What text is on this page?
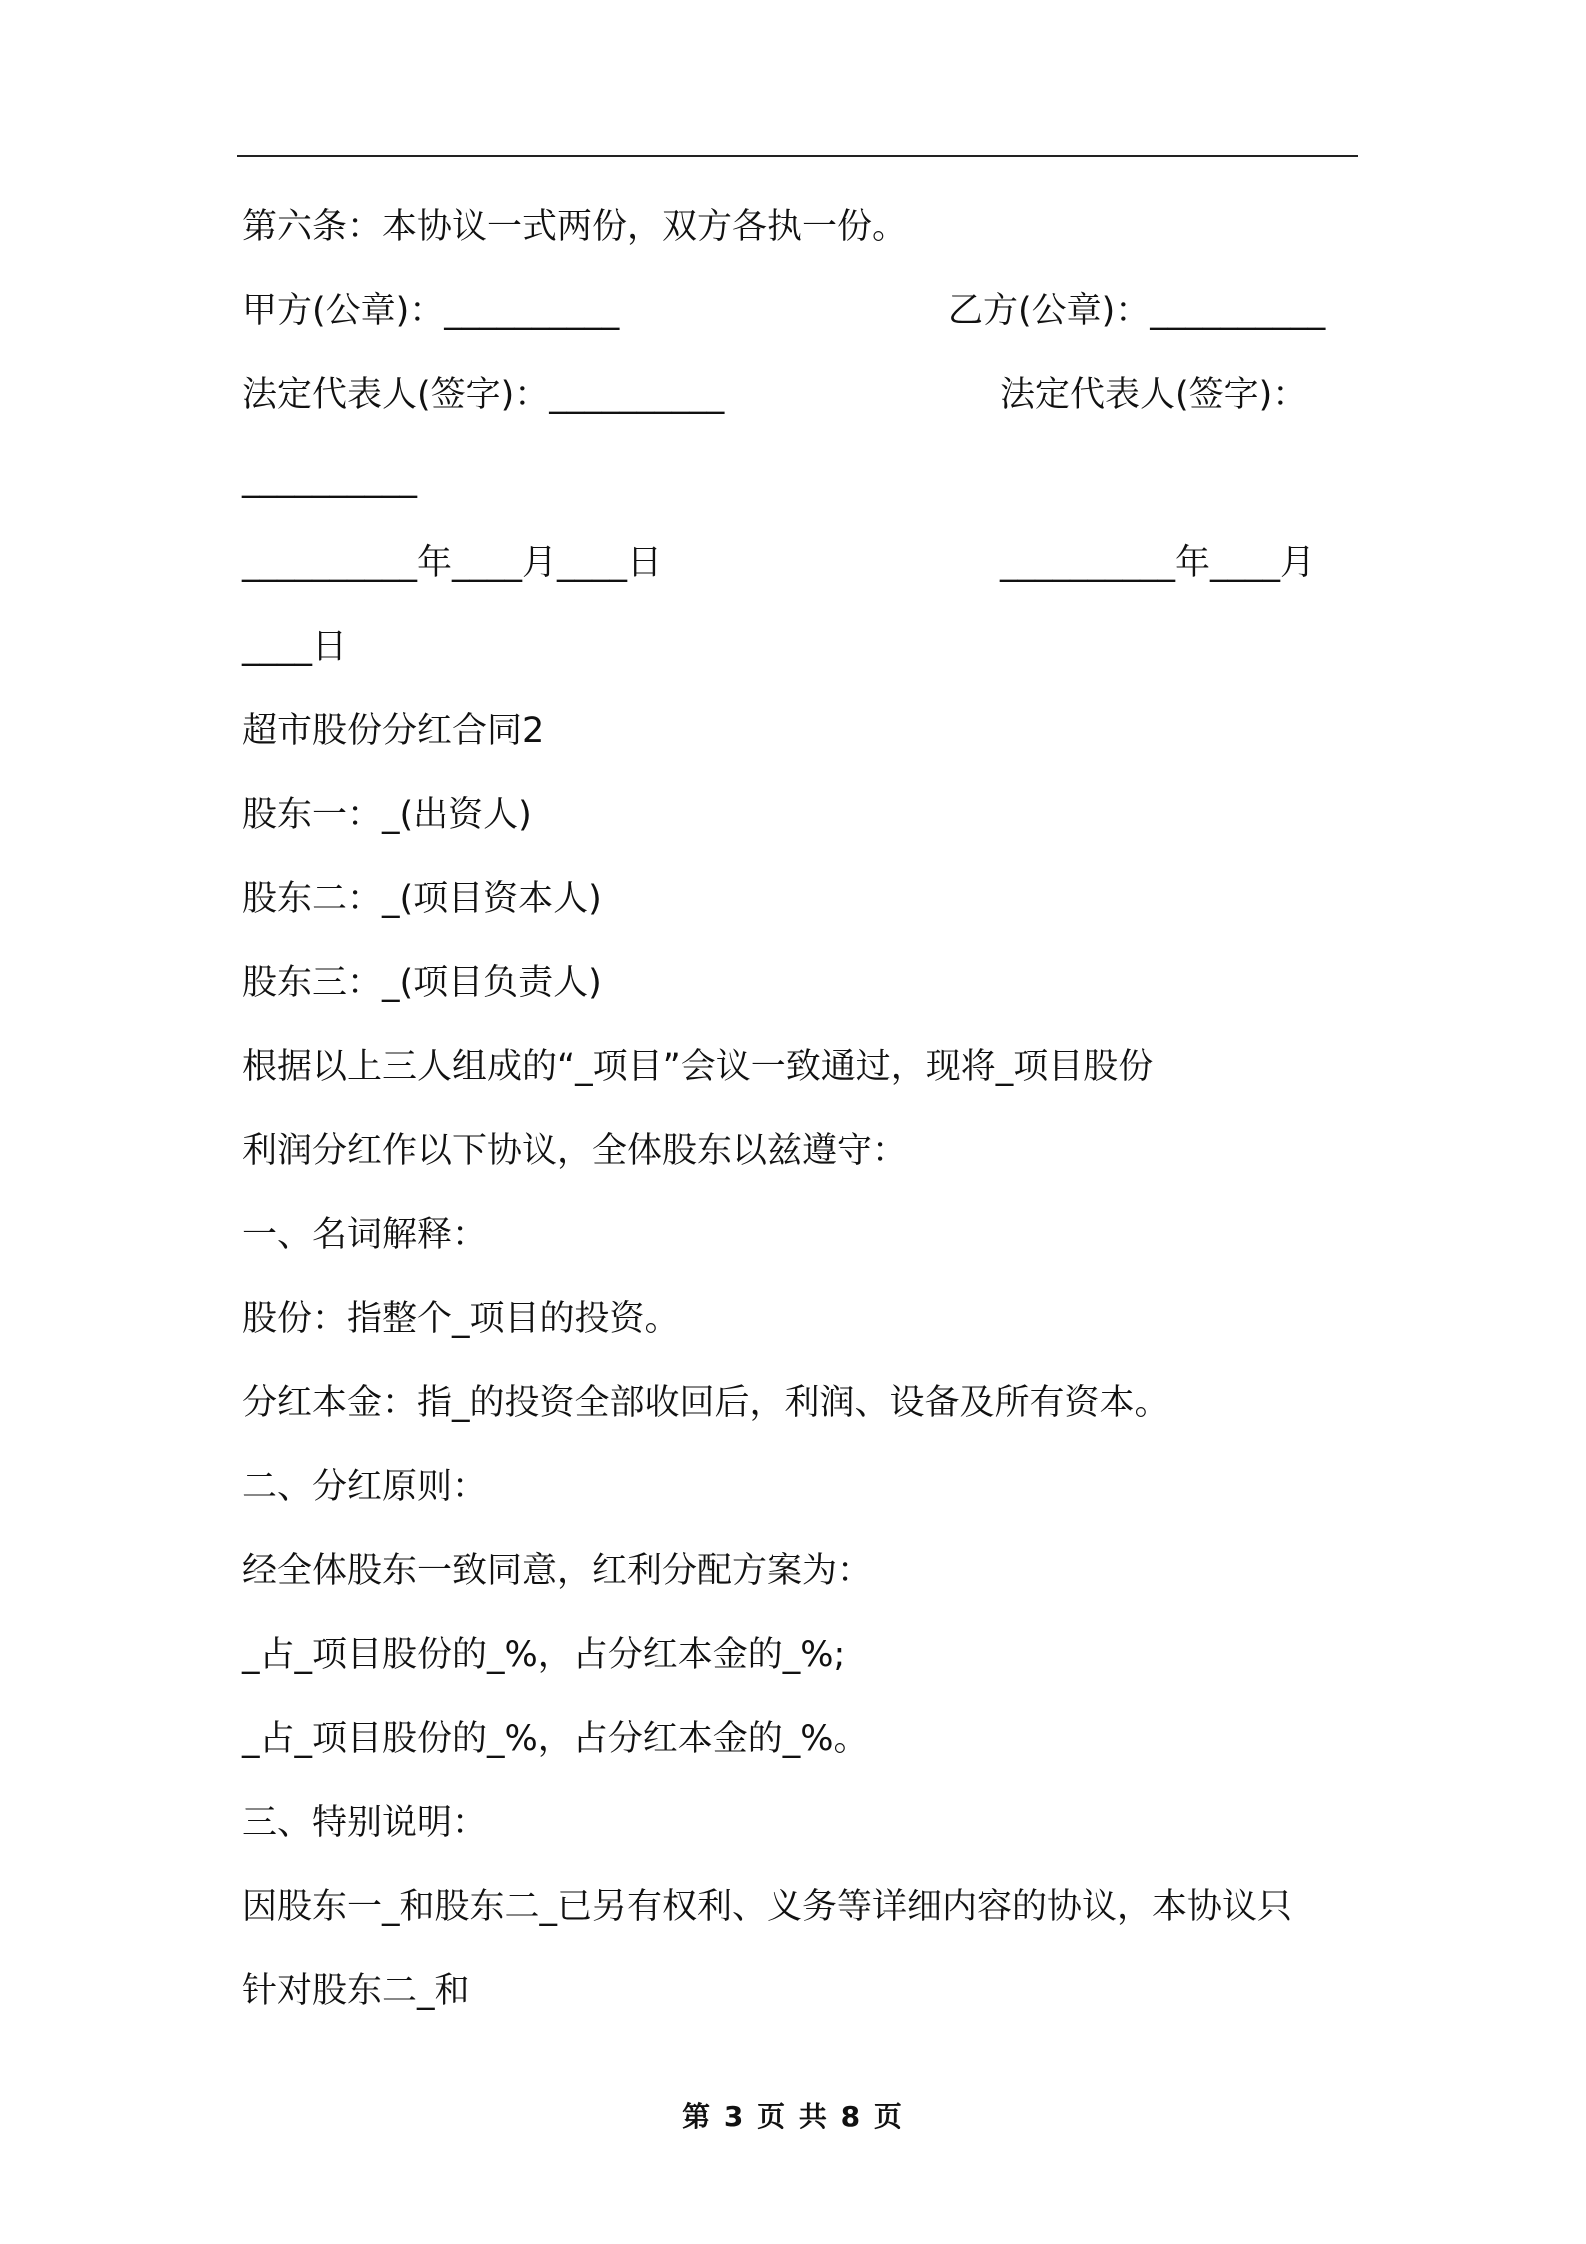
第六条：本协议一式两份，双方各执一份。
甲方(公章)：__________	乙方(公章)：__________
法定代表人(签字)：__________	法定代表人(签字)：
__________
__________年____月____日	__________年____月
____日
超市股份分红合同2
股东一：_(出资人)
股东二：_(项目资本人)
股东三：_(项目负责人)
根据以上三人组成的“_项目”会议一致通过，现将_项目股份
利润分红作以下协议，全体股东以兹遵守：
一、名词解释：
股份：指整个_项目的投资。
分红本金：指_的投资全部收回后，利润、设备及所有资本。
二、分红原则：
经全体股东一致同意，红利分配方案为：
_占_项目股份的_%，占分红本金的_%;
_占_项目股份的_%，占分红本金的_%。
三、特别说明：
因股东一_和股东二_已另有权利、义务等详细内容的协议，本协议只
针对股东二_和
第 3 页 共 8 页
